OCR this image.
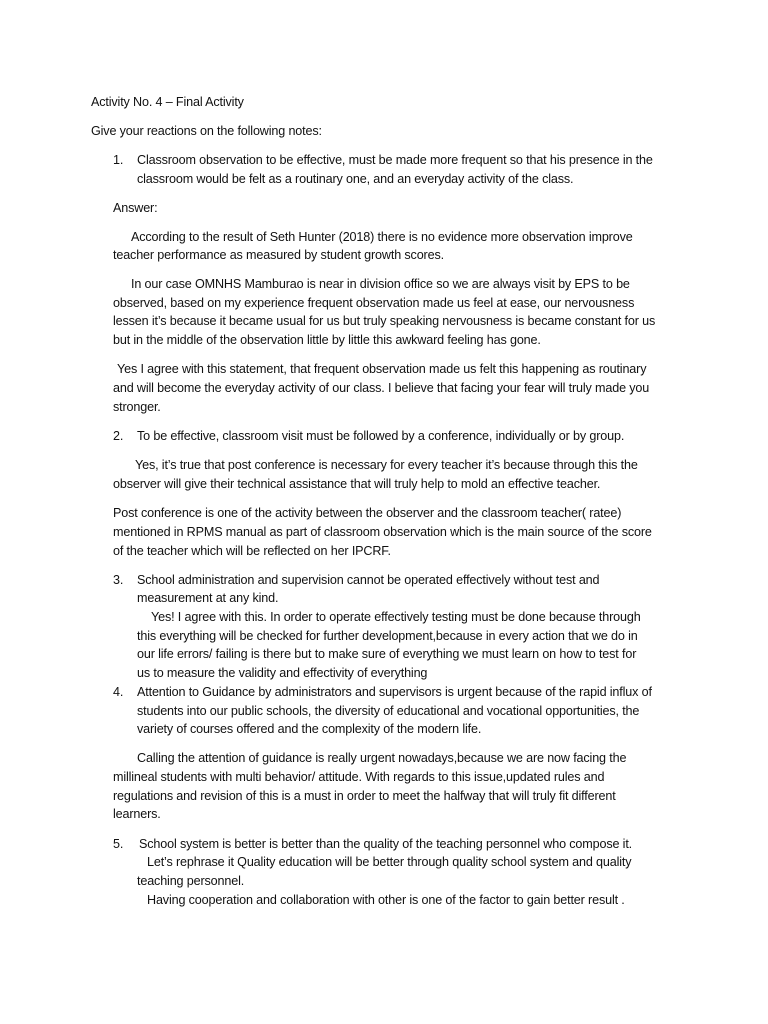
Activity No. 4 – Final Activity
Give your reactions on the following notes:
1. Classroom observation to be effective, must be made more frequent so that his presence in the
classroom would be felt as a routinary one, and an everyday activity of the class.
Answer:
According to the result of Seth Hunter (2018) there is no evidence more observation improve
teacher performance as measured by student growth scores.
In our case OMNHS Mamburao is near in division office so we are always visit by EPS to be
observed, based on my experience frequent observation made us feel at ease, our nervousness
lessen it’s because it became usual for us but truly speaking nervousness is became constant for us
but in the middle of the observation little by little this awkward feeling has gone.
Yes I agree with this statement, that frequent observation made us felt this happening as routinary
and will become the everyday activity of our class. I believe that facing your fear will truly made you
stronger.
2. To be effective, classroom visit must be followed by a conference, individually or by group.
Yes, it’s true that post conference is necessary for every teacher it’s because through this the
observer will give their technical assistance that will truly help to mold an effective teacher.
Post conference is one of the activity between the observer and the classroom teacher( ratee)
mentioned in RPMS manual as part of classroom observation which is the main source of the score
of the teacher which will be reflected on her IPCRF.
3. School administration and supervision cannot be operated effectively without test and
measurement at any kind.
Yes! I agree with this. In order to operate effectively testing must be done because through
this everything will be checked for further development,because in every action that we do in
our life errors/ failing is there but to make sure of everything we must learn on how to test for
us to measure the validity and effectivity of everything
4. Attention to Guidance by administrators and supervisors is urgent because of the rapid influx of
students into our public schools, the diversity of educational and vocational opportunities, the
variety of courses offered and the complexity of the modern life.
Calling the attention of guidance is really urgent nowadays,because we are now facing the
millineal students with multi behavior/ attitude. With regards to this issue,updated rules and
regulations and revision of this is a must in order to meet the halfway that will truly fit different
learners.
5. School system is better is better than the quality of the teaching personnel who compose it.
Let’s rephrase it Quality education will be better through quality school system and quality
teaching personnel.
Having cooperation and collaboration with other is one of the factor to gain better result .
